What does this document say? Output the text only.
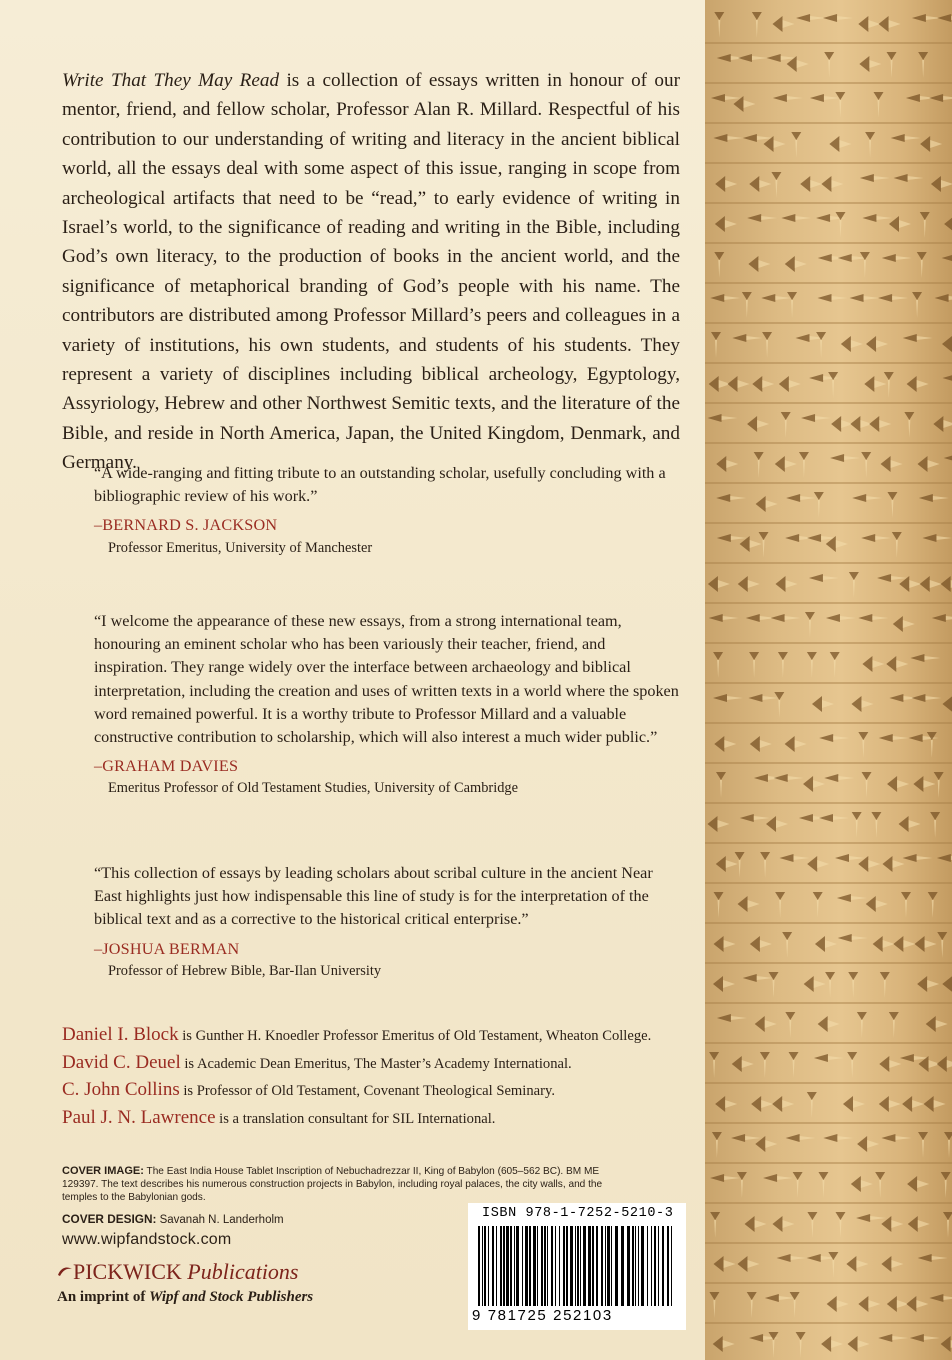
Write That They May Read is a collection of essays written in honour of our mentor, friend, and fellow scholar, Professor Alan R. Millard. Respectful of his contribution to our understanding of writing and literacy in the ancient biblical world, all the essays deal with some aspect of this issue, ranging in scope from archeological artifacts that need to be “read,” to early evidence of writing in Israel’s world, to the significance of reading and writing in the Bible, including God’s own literacy, to the production of books in the ancient world, and the significance of metaphorical branding of God’s people with his name. The contributors are distributed among Professor Millard’s peers and colleagues in a variety of institutions, his own students, and students of his students. They represent a variety of disciplines including biblical archeology, Egyptology, Assyriology, Hebrew and other Northwest Semitic texts, and the literature of the Bible, and reside in North America, Japan, the United Kingdom, Denmark, and Germany.

“A wide-ranging and fitting tribute to an outstanding scholar, usefully concluding with a bibliographic review of his work.”

–BERNARD S. JACKSON

Professor Emeritus, University of Manchester

“I welcome the appearance of these new essays, from a strong international team, honouring an eminent scholar who has been variously their teacher, friend, and inspiration. They range widely over the interface between archaeology and biblical interpretation, including the creation and uses of written texts in a world where the spoken word remained powerful. It is a worthy tribute to Professor Millard and a valuable constructive contribution to scholarship, which will also interest a much wider public.”

–GRAHAM DAVIES

Emeritus Professor of Old Testament Studies, University of Cambridge

“This collection of essays by leading scholars about scribal culture in the ancient Near East highlights just how indispensable this line of study is for the interpretation of the biblical text and as a corrective to the historical critical enterprise.”

–JOSHUA BERMAN

Professor of Hebrew Bible, Bar-Ilan University

Daniel I. Block is Gunther H. Knoedler Professor Emeritus of Old Testament, Wheaton College.
David C. Deuel is Academic Dean Emeritus, The Master’s Academy International.
C. John Collins is Professor of Old Testament, Covenant Theological Seminary.
Paul J. N. Lawrence is a translation consultant for SIL International.
COVER IMAGE: The East India House Tablet Inscription of Nebuchadrezzar II, King of Babylon (605–562 BC). BM ME 129397. The text describes his numerous construction projects in Babylon, including royal palaces, the city walls, and the temples to the Babylonian gods.
COVER DESIGN: Savanah N. Landerholm
www.wipfandstock.com
PICKWICK Publications
An imprint of Wipf and Stock Publishers
ISBN 978-1-7252-5210-3
9 781725 252103
